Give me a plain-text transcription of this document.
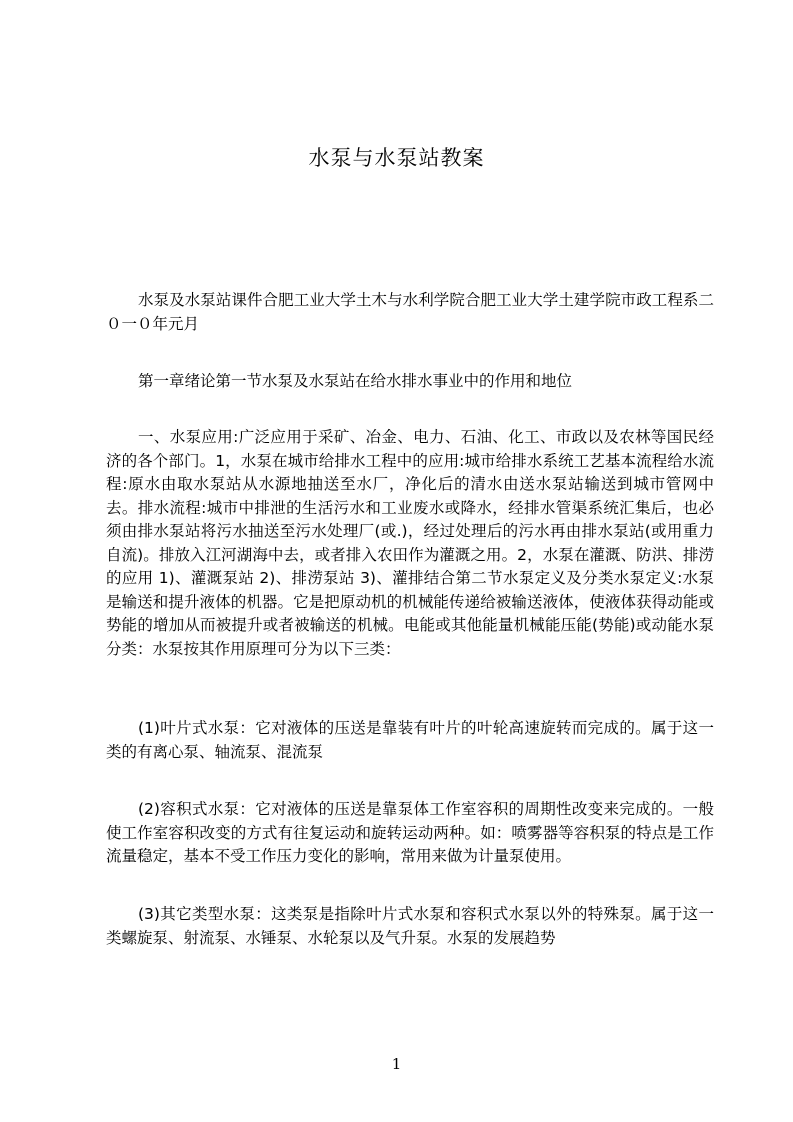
水泵与水泵站教案

水泵及水泵站课件合肥工业大学土木与水利学院合肥工业大学土建学院市政工程系二０一０年元月

第一章绪论第一节水泵及水泵站在给水排水事业中的作用和地位

一、水泵应用:广泛应用于采矿、冶金、电力、石油、化工、市政以及农林等国民经济的各个部门。1，水泵在城市给排水工程中的应用:城市给排水系统工艺基本流程给水流程:原水由取水泵站从水源地抽送至水厂，净化后的清水由送水泵站输送到城市管网中去。排水流程:城市中排泄的生活污水和工业废水或降水，经排水管渠系统汇集后，也必须由排水泵站将污水抽送至污水处理厂(或.)，经过处理后的污水再由排水泵站(或用重力自流)。排放入江河湖海中去，或者排入农田作为灌溉之用。2，水泵在灌溉、防洪、排涝的应用 1)、灌溉泵站 2)、排涝泵站 3)、灌排结合第二节水泵定义及分类水泵定义:水泵是输送和提升液体的机器。它是把原动机的机械能传递给被输送液体，使液体获得动能或势能的增加从而被提升或者被输送的机械。电能或其他能量机械能压能(势能)或动能水泵分类：水泵按其作用原理可分为以下三类：

(1)叶片式水泵：它对液体的压送是靠装有叶片的叶轮高速旋转而完成的。属于这一类的有离心泵、轴流泵、混流泵

(2)容积式水泵：它对液体的压送是靠泵体工作室容积的周期性改变来完成的。一般使工作室容积改变的方式有往复运动和旋转运动两种。如：喷雾器等容积泵的特点是工作流量稳定，基本不受工作压力变化的影响，常用来做为计量泵使用。

(3)其它类型水泵：这类泵是指除叶片式水泵和容积式水泵以外的特殊泵。属于这一类螺旋泵、射流泵、水锤泵、水轮泵以及气升泵。水泵的发展趋势

1
